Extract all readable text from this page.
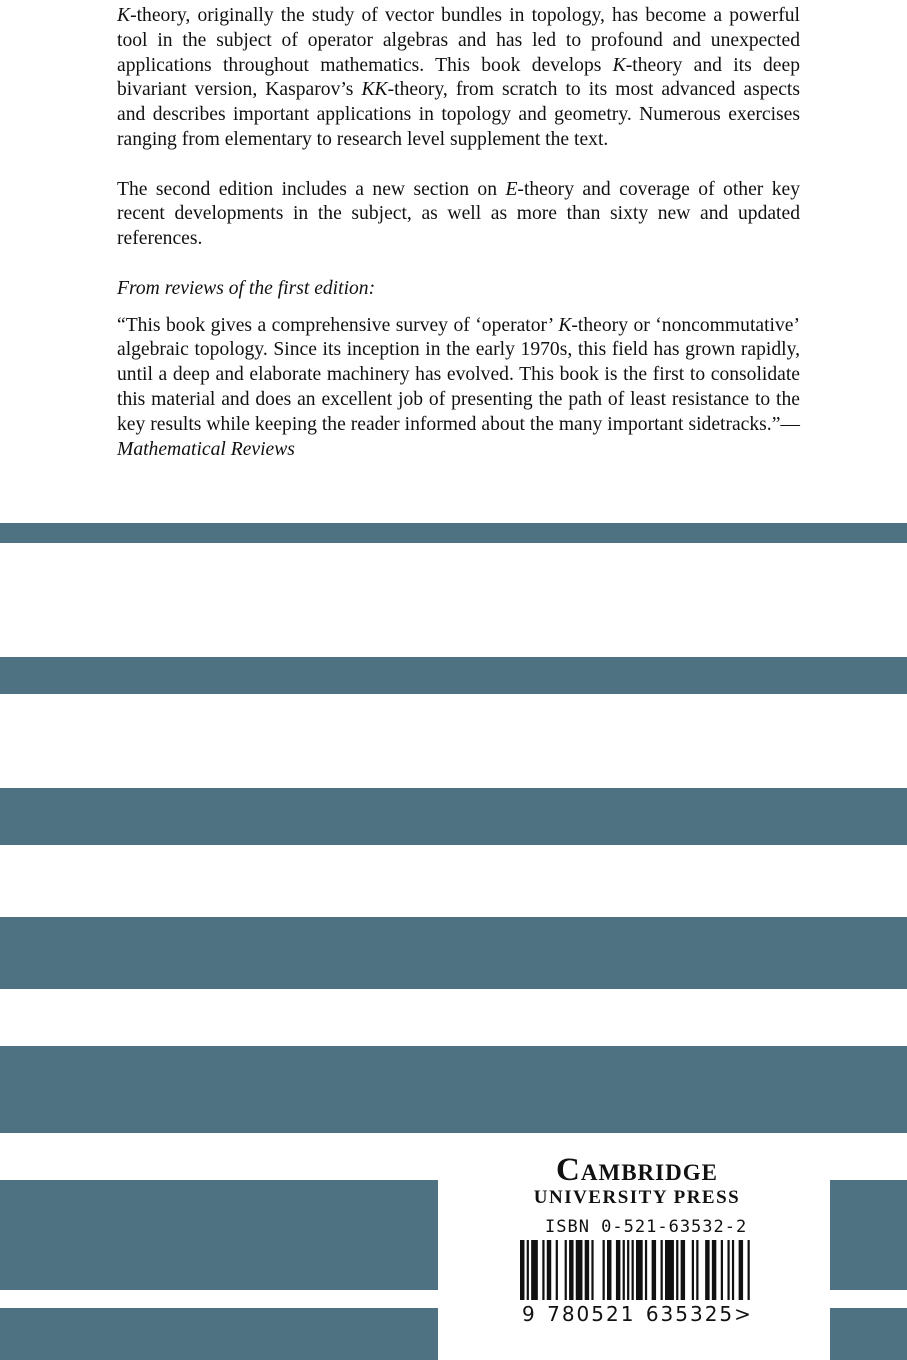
K-theory, originally the study of vector bundles in topology, has become a powerful tool in the subject of operator algebras and has led to profound and unexpected applications throughout mathematics. This book develops K-theory and its deep bivariant version, Kasparov’s KK-theory, from scratch to its most advanced aspects and describes important applications in topology and geometry. Numerous exercises ranging from elementary to research level supplement the text.

The second edition includes a new section on E-theory and coverage of other key recent developments in the subject, as well as more than sixty new and updated references.

From reviews of the first edition:

“This book gives a comprehensive survey of ‘operator’ K-theory or ‘noncommutative’ algebraic topology. Since its inception in the early 1970s, this field has grown rapidly, until a deep and elaborate machinery has evolved. This book is the first to consolidate this material and does an excellent job of presenting the path of least resistance to the key results while keeping the reader informed about the many important sidetracks.”—Mathematical Reviews

Cambridge
UNIVERSITY PRESS
ISBN 0-521-63532-2
9 780521 635325>
